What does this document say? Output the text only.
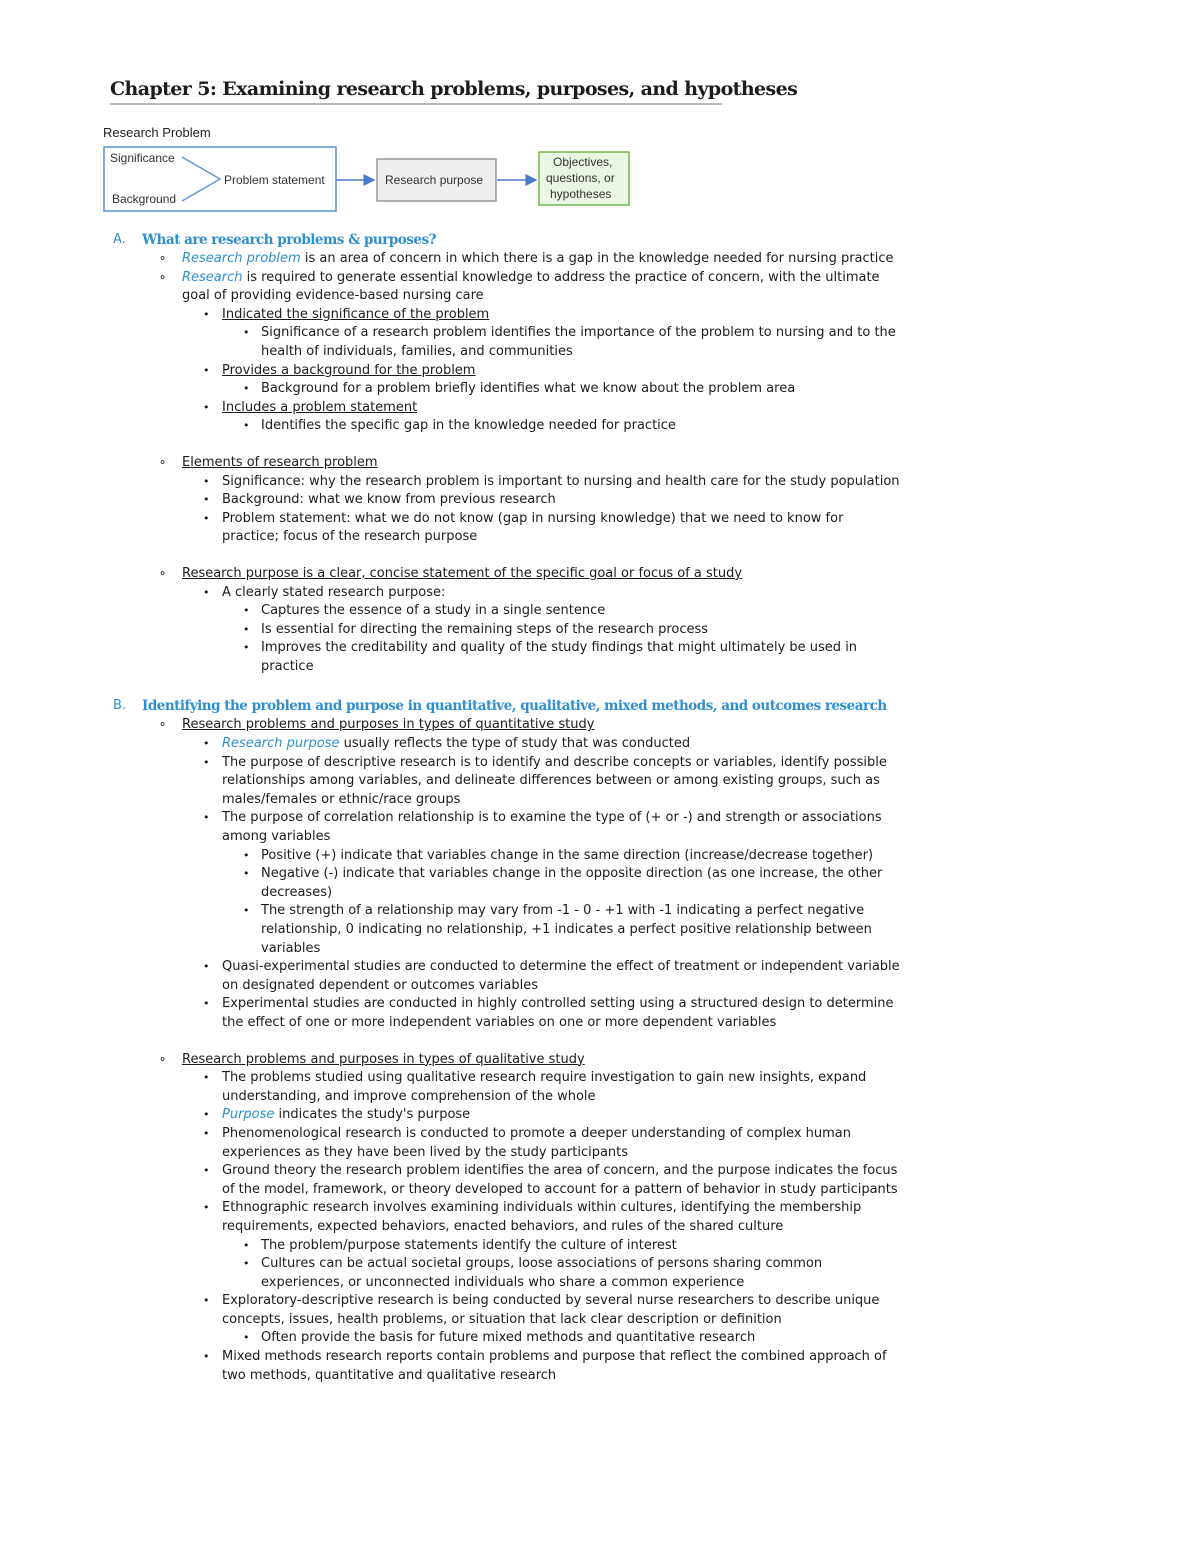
Chapter 5: Examining research problems, purposes, and hypotheses
Research Problem
Significance
Background
Problem statement	Research purpose
Objectives,
questions, or
hypotheses
A. What are research problems & purposes?
⚬	Research problem is an area of concern in which there is a gap in the knowledge needed for nursing practice
⚬	Research is required to generate essential knowledge to address the practice of concern, with the ultimate goal of providing evidence-based nursing care
• Indicated the significance of the problem
• Significance of a research problem identifies the importance of the problem to nursing and to the health of individuals, families, and communities
• Provides a background for the problem
• Background for a problem briefly identifies what we know about the problem area
• Includes a problem statement
• Identifies the specific gap in the knowledge needed for practice
⚬	Elements of research problem
• Significance: why the research problem is important to nursing and health care for the study population
• Background: what we know from previous research
• Problem statement: what we do not know (gap in nursing knowledge) that we need to know for practice; focus of the research purpose
⚬	Research purpose is a clear, concise statement of the specific goal or focus of a study
• A clearly stated research purpose:
• Captures the essence of a study in a single sentence
• Is essential for directing the remaining steps of the research process
• Improves the creditability and quality of the study findings that might ultimately be used in practice
B. Identifying the problem and purpose in quantitative, qualitative, mixed methods, and outcomes research
⚬	Research problems and purposes in types of quantitative study
• Research purpose usually reflects the type of study that was conducted
• The purpose of descriptive research is to identify and describe concepts or variables, identify possible relationships among variables, and delineate differences between or among existing groups, such as males/females or ethnic/race groups
• The purpose of correlation relationship is to examine the type of (+ or -) and strength or associations among variables
• Positive (+) indicate that variables change in the same direction (increase/decrease together)
• Negative (-) indicate that variables change in the opposite direction (as one increase, the other decreases)
• The strength of a relationship may vary from -1 - 0 - +1 with -1 indicating a perfect negative relationship, 0 indicating no relationship, +1 indicates a perfect positive relationship between variables
• Quasi-experimental studies are conducted to determine the effect of treatment or independent variable on designated dependent or outcomes variables
• Experimental studies are conducted in highly controlled setting using a structured design to determine the effect of one or more independent variables on one or more dependent variables
⚬	Research problems and purposes in types of qualitative study
• The problems studied using qualitative research require investigation to gain new insights, expand understanding, and improve comprehension of the whole
• Purpose indicates the study's purpose
• Phenomenological research is conducted to promote a deeper understanding of complex human experiences as they have been lived by the study participants
• Ground theory the research problem identifies the area of concern, and the purpose indicates the focus of the model, framework, or theory developed to account for a pattern of behavior in study participants
• Ethnographic research involves examining individuals within cultures, identifying the membership requirements, expected behaviors, enacted behaviors, and rules of the shared culture
• The problem/purpose statements identify the culture of interest
• Cultures can be actual societal groups, loose associations of persons sharing common experiences, or unconnected individuals who share a common experience
• Exploratory-descriptive research is being conducted by several nurse researchers to describe unique concepts, issues, health problems, or situation that lack clear description or definition
• Often provide the basis for future mixed methods and quantitative research
• Mixed methods research reports contain problems and purpose that reflect the combined approach of two methods, quantitative and qualitative research
